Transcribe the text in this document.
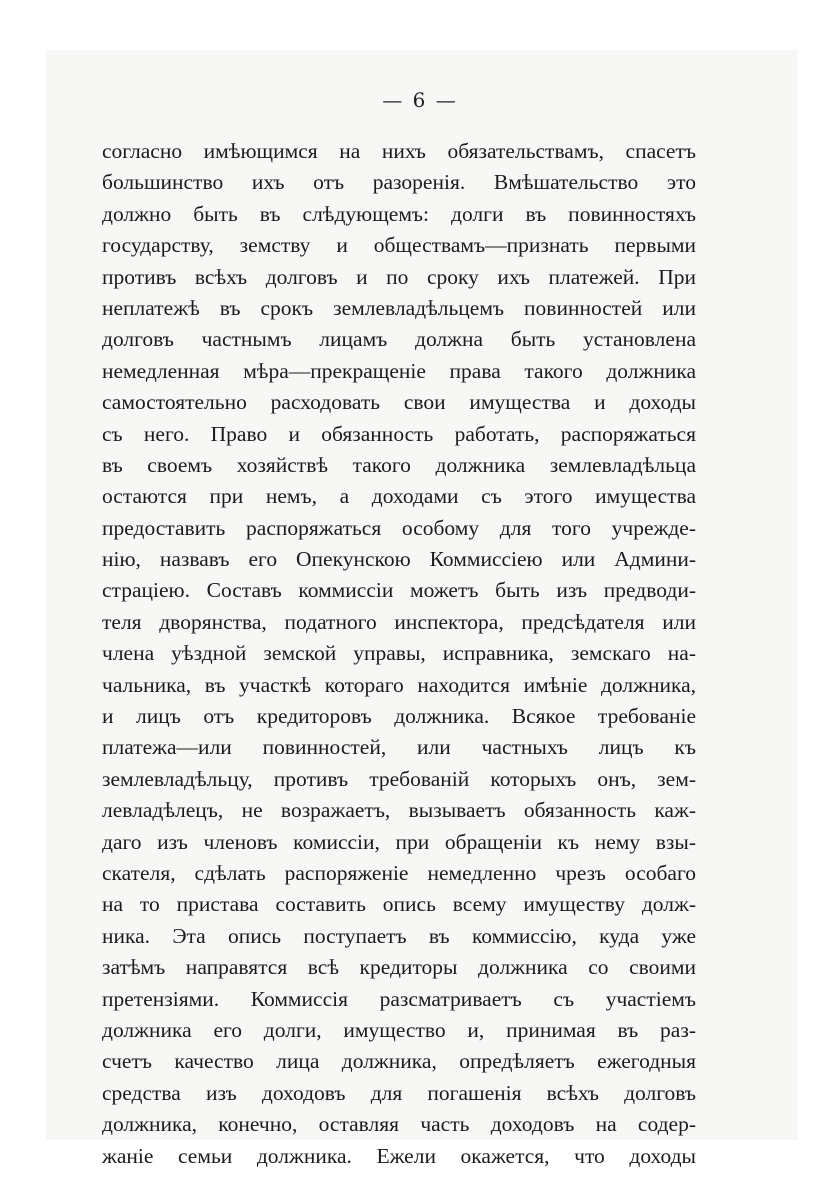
— 6 —
согласно имѣющимся на нихъ обязательствамъ, спасетъ
большинство ихъ отъ разоренія. Вмѣшательство это
должно быть въ слѣдующемъ: долги въ повинностяхъ
государству, земству и обществамъ—признать первыми
противъ всѣхъ долговъ и по сроку ихъ платежей. При
неплатежѣ въ срокъ землевладѣльцемъ повинностей или
долговъ частнымъ лицамъ должна быть установлена
немедленная мѣра—прекращеніе права такого должника
самостоятельно расходовать свои имущества и доходы
съ него. Право и обязанность работать, распоряжаться
въ своемъ хозяйствѣ такого должника землевладѣльца
остаются при немъ, а доходами съ этого имущества
предоставить распоряжаться особому для того учрежде-
нію, назвавъ его Опекунскою Коммиссіею или Админи-
страціею. Составъ коммиссіи можетъ быть изъ предводи-
теля дворянства, податного инспектора, предсѣдателя или
члена уѣздной земской управы, исправника, земскаго на-
чальника, въ участкѣ котораго находится имѣніе должника,
и лицъ отъ кредиторовъ должника. Всякое требованіе
платежа—или повинностей, или частныхъ лицъ къ
землевладѣльцу, противъ требованій которыхъ онъ, зем-
левладѣлецъ, не возражаетъ, вызываетъ обязанность каж-
даго изъ членовъ комиссіи, при обращеніи къ нему взы-
скателя, сдѣлать распоряженіе немедленно чрезъ особаго
на то пристава составить опись всему имуществу долж-
ника. Эта опись поступаетъ въ коммиссію, куда уже
затѣмъ направятся всѣ кредиторы должника со своими
претензіями. Коммиссія разсматриваетъ съ участіемъ
должника его долги, имущество и, принимая въ раз-
счетъ качество лица должника, опредѣляетъ ежегодныя
средства изъ доходовъ для погашенія всѣхъ долговъ
должника, конечно, оставляя часть доходовъ на содер-
жаніе семьи должника. Ежели окажется, что доходы
